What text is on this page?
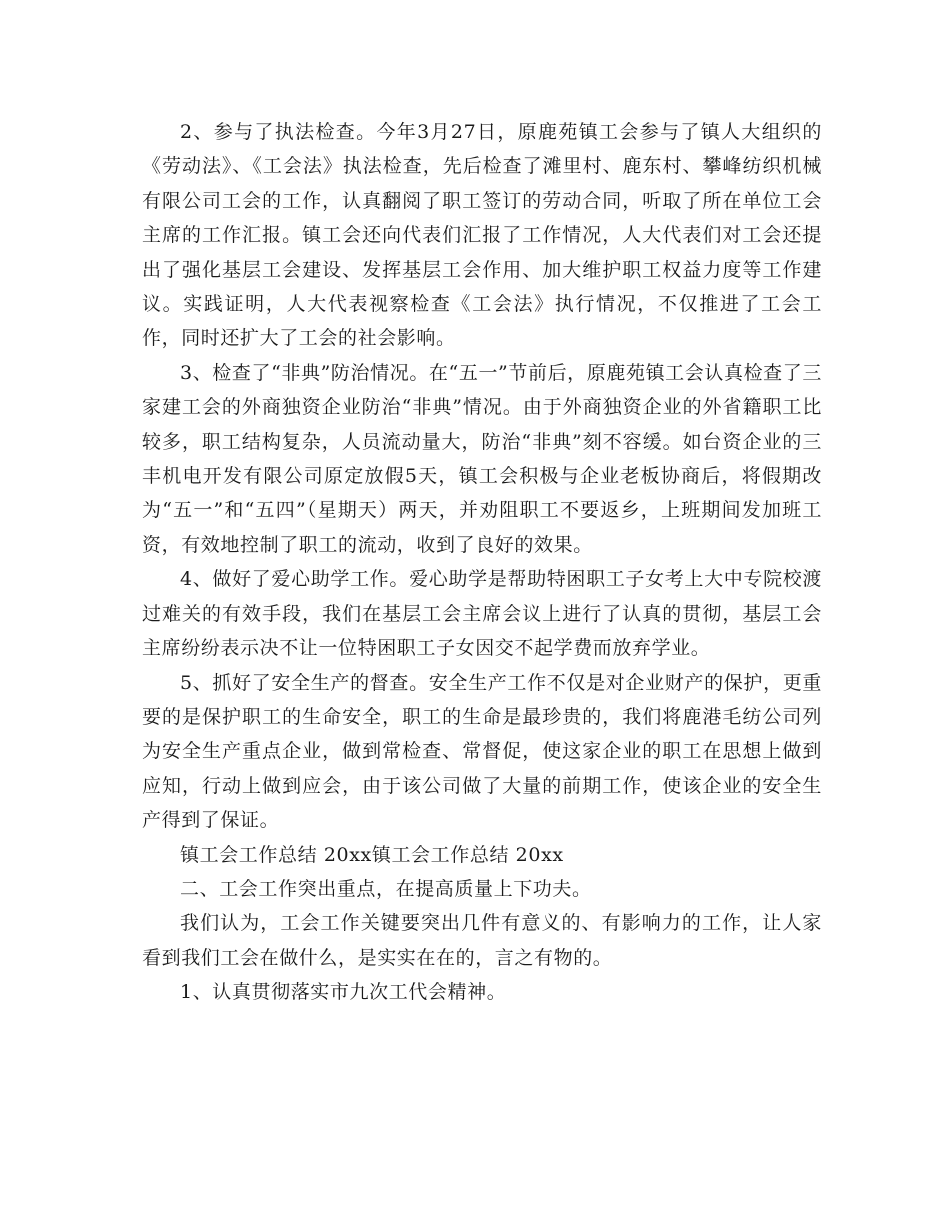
2、参与了执法检查。今年3月27日，原鹿苑镇工会参与了镇人大组织的《劳动法》、《工会法》执法检查，先后检查了滩里村、鹿东村、攀峰纺织机械有限公司工会的工作，认真翻阅了职工签订的劳动合同，听取了所在单位工会主席的工作汇报。镇工会还向代表们汇报了工作情况，人大代表们对工会还提出了强化基层工会建设、发挥基层工会作用、加大维护职工权益力度等工作建议。实践证明，人大代表视察检查《工会法》执行情况，不仅推进了工会工作，同时还扩大了工会的社会影响。

3、检查了“非典”防治情况。在“五一”节前后，原鹿苑镇工会认真检查了三家建工会的外商独资企业防治“非典”情况。由于外商独资企业的外省籍职工比较多，职工结构复杂，人员流动量大，防治“非典”刻不容缓。如台资企业的三丰机电开发有限公司原定放假5天，镇工会积极与企业老板协商后，将假期改为“五一”和“五四”（星期天）两天，并劝阻职工不要返乡，上班期间发加班工资，有效地控制了职工的流动，收到了良好的效果。

4、做好了爱心助学工作。爱心助学是帮助特困职工子女考上大中专院校渡过难关的有效手段，我们在基层工会主席会议上进行了认真的贯彻，基层工会主席纷纷表示决不让一位特困职工子女因交不起学费而放弃学业。

5、抓好了安全生产的督查。安全生产工作不仅是对企业财产的保护，更重要的是保护职工的生命安全，职工的生命是最珍贵的，我们将鹿港毛纺公司列为安全生产重点企业，做到常检查、常督促，使这家企业的职工在思想上做到应知，行动上做到应会，由于该公司做了大量的前期工作，使该企业的安全生产得到了保证。

镇工会工作总结 20xx镇工会工作总结 20xx

二、工会工作突出重点，在提高质量上下功夫。

我们认为，工会工作关键要突出几件有意义的、有影响力的工作，让人家看到我们工会在做什么，是实实在在的，言之有物的。

1、认真贯彻落实市九次工代会精神。
